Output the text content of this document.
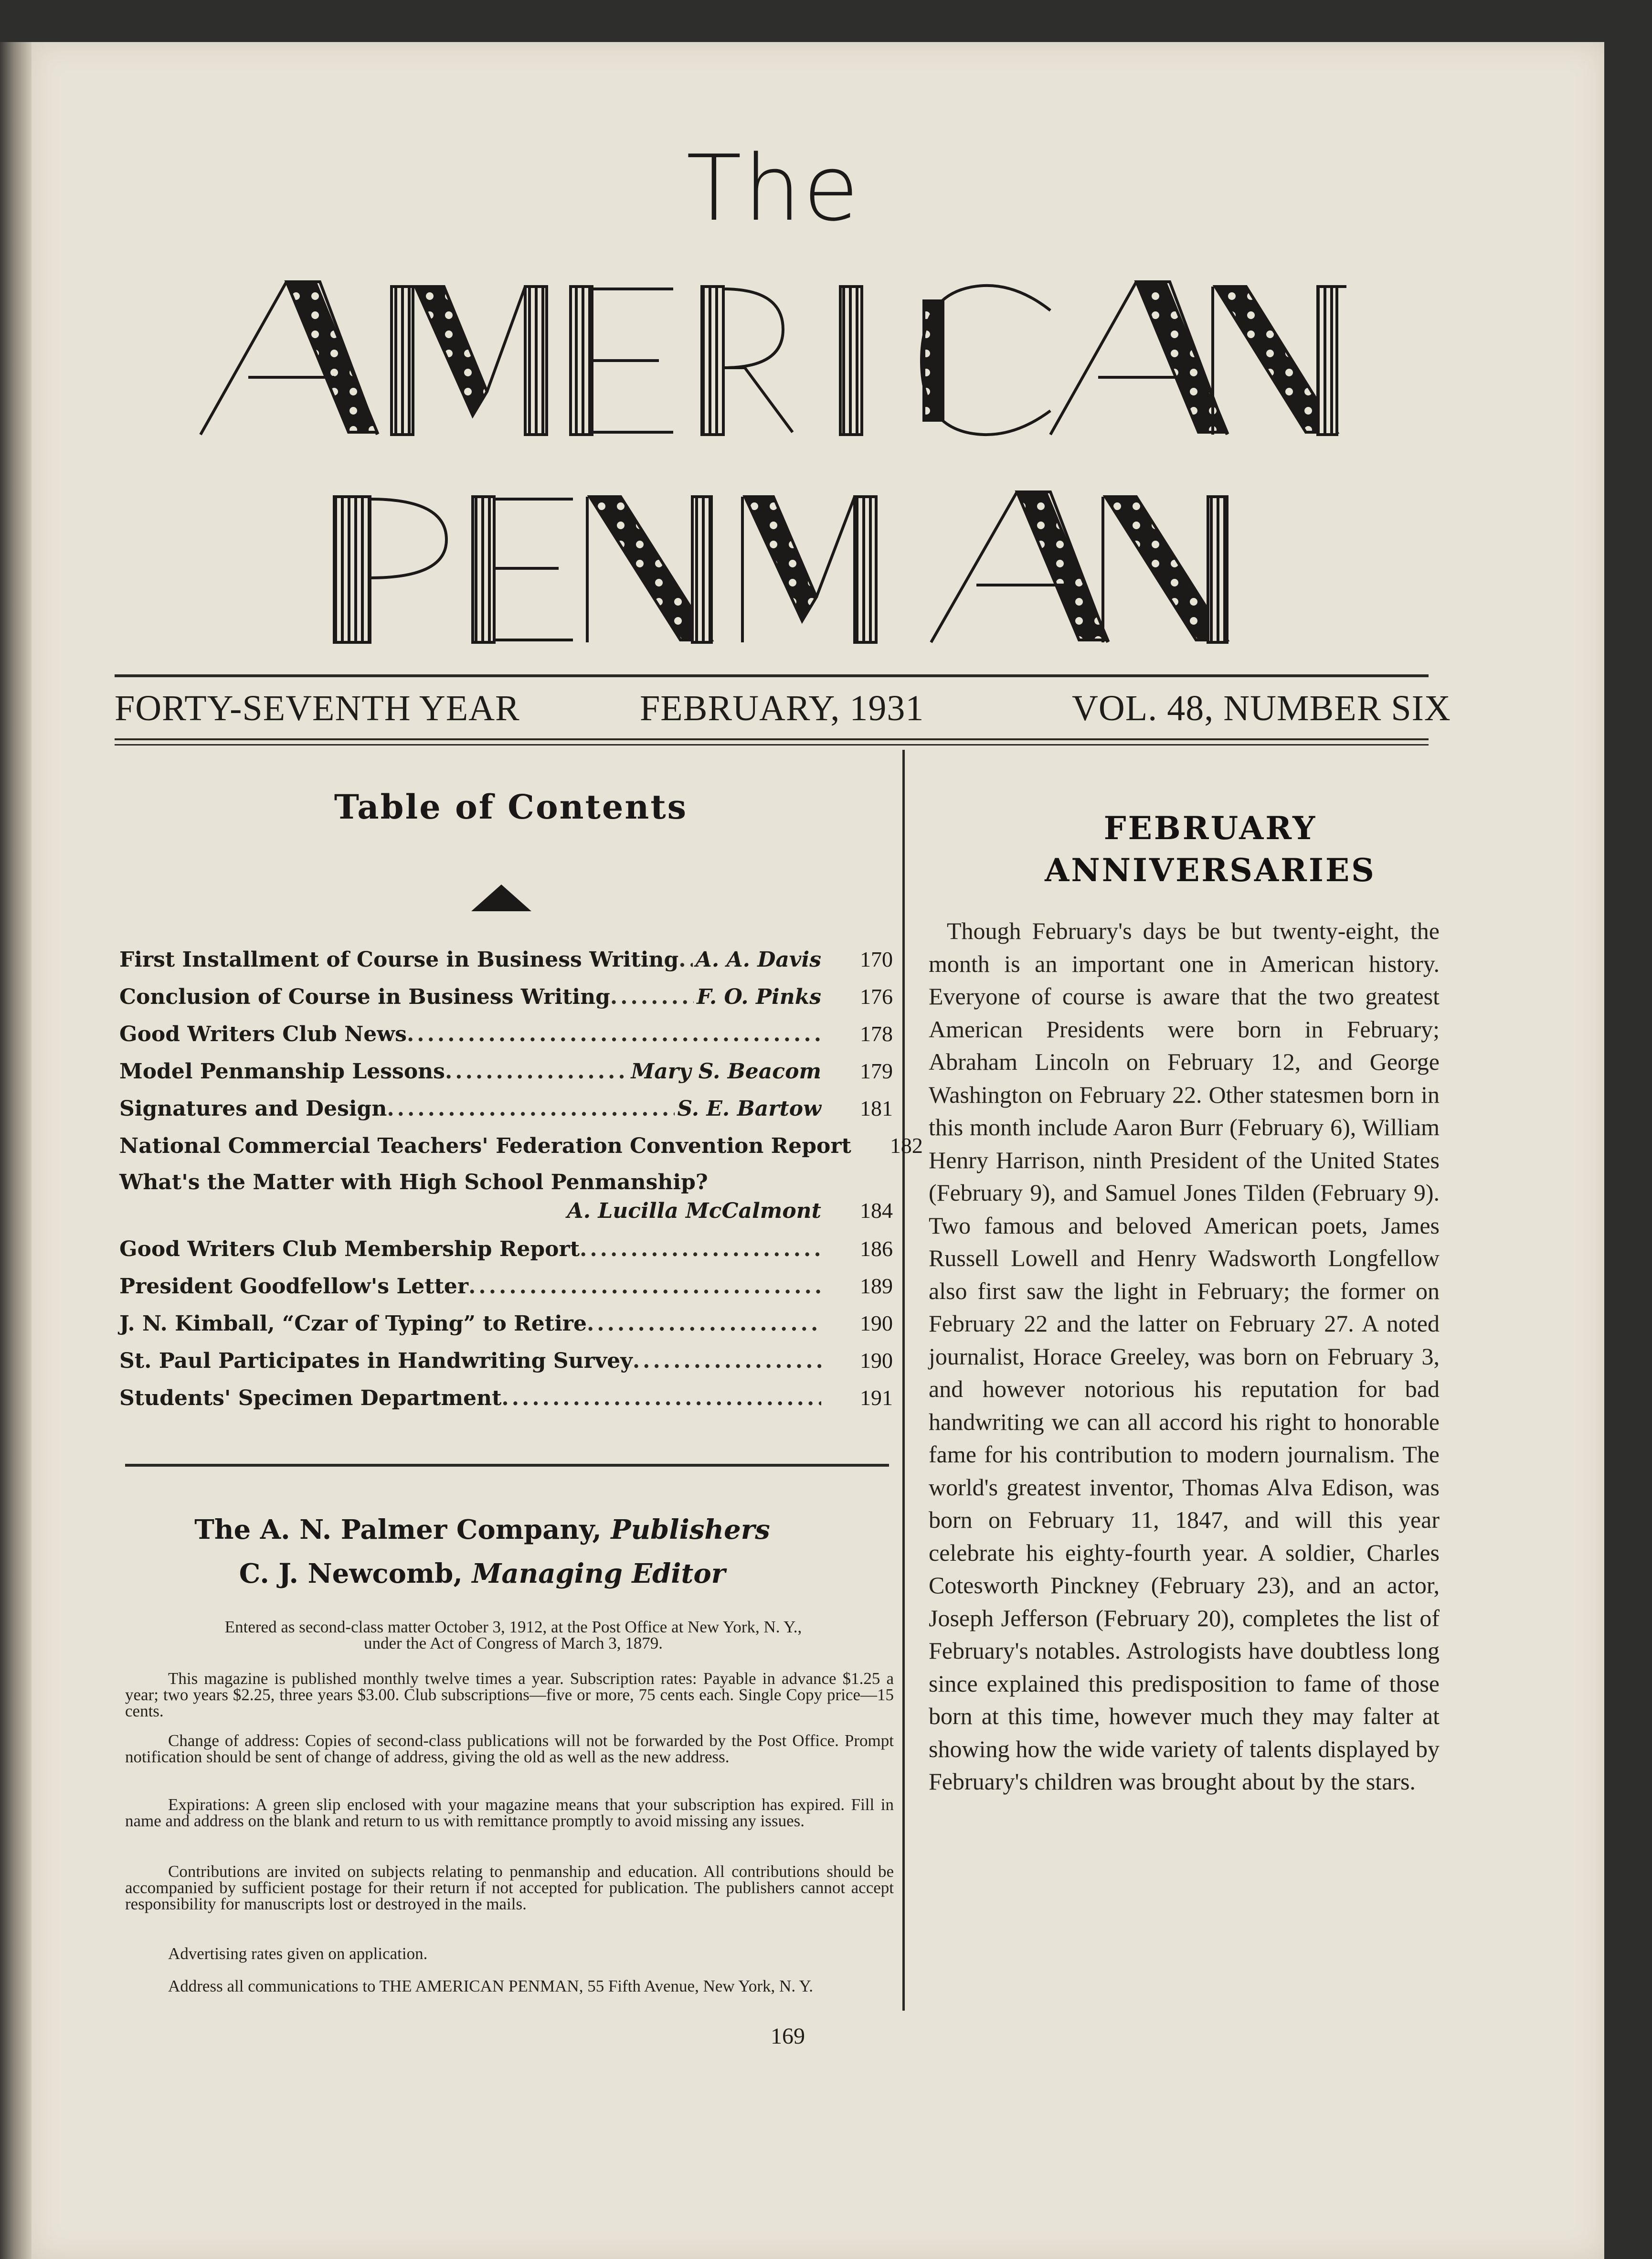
The
FORTY-SEVENTH YEAR	FEBRUARY, 1931	VOL. 48, NUMBER SIX
Table of Contents
First Installment of Course in Business Writing ..... A. A. Davis	170
Conclusion of Course in Business Writing .....	F. O. Pinks	176
Good Writers Club News .....	178
Model Penmanship Lessons .....	Mary S. Beacom	179
Signatures and Design .....	S. E. Bartow	181
National Commercial Teachers' Federation Convention Report	182
What's the Matter with High School Penmanship?
A. Lucilla McCalmont	184
Good Writers Club Membership Report .....	186
President Goodfellow's Letter .....	189
J. N. Kimball, “Czar of Typing” to Retire .....	190
St. Paul Participates in Handwriting Survey .....	190
Students' Specimen Department .....	191
The A. N. Palmer Company, Publishers
C. J. Newcomb, Managing Editor
Entered as second-class matter October 3, 1912, at the Post Office at New York, N. Y., under the Act of Congress of March 3, 1879.
This magazine is published monthly twelve times a year. Subscription rates: Payable in advance $1.25 a year; two years $2.25, three years $3.00. Club subscriptions—five or more, 75 cents each. Single Copy price—15 cents.
Change of address: Copies of second-class publications will not be forwarded by the Post Office. Prompt notification should be sent of change of address, giving the old as well as the new address.
Expirations: A green slip enclosed with your magazine means that your subscription has expired. Fill in name and address on the blank and return to us with remittance promptly to avoid missing any issues.
Contributions are invited on subjects relating to penmanship and education. All contributions should be accompanied by sufficient postage for their return if not accepted for publication. The publishers cannot accept responsibility for manuscripts lost or destroyed in the mails.
Advertising rates given on application.
Address all communications to THE AMERICAN PENMAN, 55 Fifth Avenue, New York, N. Y.
169
FEBRUARY
ANNIVERSARIES
Though February's days be but twenty-eight, the month is an important one in American history. Everyone of course is aware that the two greatest American Presidents were born in February; Abraham Lincoln on February 12, and George Washington on February 22. Other statesmen born in this month include Aaron Burr (February 6), William Henry Harrison, ninth President of the United States (February 9), and Samuel Jones Tilden (February 9). Two famous and beloved American poets, James Russell Lowell and Henry Wadsworth Longfellow also first saw the light in February; the former on February 22 and the latter on February 27. A noted journalist, Horace Greeley, was born on February 3, and however notorious his reputation for bad handwriting we can all accord his right to honorable fame for his contribution to modern journalism. The world's greatest inventor, Thomas Alva Edison, was born on February 11, 1847, and will this year celebrate his eighty-fourth year. A soldier, Charles Cotesworth Pinckney (February 23), and an actor, Joseph Jefferson (February 20), completes the list of February's notables. Astrologists have doubtless long since explained this predisposition to fame of those born at this time, however much they may falter at showing how the wide variety of talents displayed by February's children was brought about by the stars.
